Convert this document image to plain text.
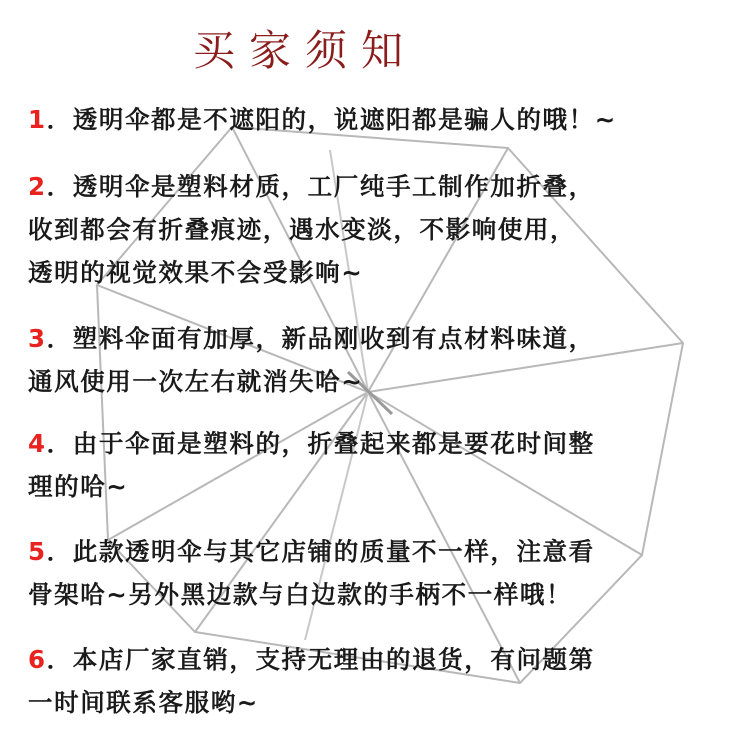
买家须知
1．透明伞都是不遮阳的，说遮阳都是骗人的哦！~
2．透明伞是塑料材质，工厂纯手工制作加折叠，
收到都会有折叠痕迹，遇水变淡，不影响使用，
透明的视觉效果不会受影响~
3．塑料伞面有加厚，新品刚收到有点材料味道，
通风使用一次左右就消失哈~
4．由于伞面是塑料的，折叠起来都是要花时间整
理的哈~
5．此款透明伞与其它店铺的质量不一样，注意看
骨架哈~另外黑边款与白边款的手柄不一样哦！
6．本店厂家直销，支持无理由的退货，有问题第
一时间联系客服哟~
